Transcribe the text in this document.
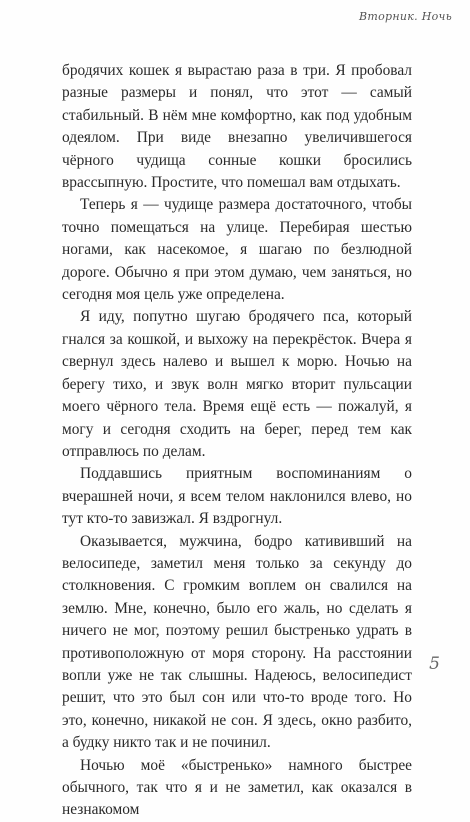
Вторник. Ночь

бродячих кошек я вырастаю раза в три. Я пробовал разные размеры и понял, что этот — самый стабильный. В нём мне комфортно, как под удобным одеялом. При виде внезапно увеличившегося чёрного чудища сонные кошки бросились врассыпную. Простите, что помешал вам отдыхать.

Теперь я — чудище размера достаточного, чтобы точно помещаться на улице. Перебирая шестью ногами, как насекомое, я шагаю по безлюдной дороге. Обычно я при этом думаю, чем заняться, но сегодня моя цель уже определена.

Я иду, попутно шугаю бродячего пса, который гнался за кошкой, и выхожу на перекрёсток. Вчера я свернул здесь налево и вышел к морю. Ночью на берегу тихо, и звук волн мягко вторит пульсации моего чёрного тела. Время ещё есть — пожалуй, я могу и сегодня сходить на берег, перед тем как отправлюсь по делам.

Поддавшись приятным воспоминаниям о вчерашней ночи, я всем телом наклонился влево, но тут кто-то завизжал. Я вздрогнул.

Оказывается, мужчина, бодро катививший на велосипеде, заметил меня только за секунду до столкновения. С громким воплем он свалился на землю. Мне, конечно, было его жаль, но сделать я ничего не мог, поэтому решил быстренько удрать в противоположную от моря сторону. На расстоянии вопли уже не так слышны. Надеюсь, велосипедист решит, что это был сон или что-то вроде того. Но это, конечно, никакой не сон. Я здесь, окно разбито, а будку никто так и не починил.

Ночью моё «быстренько» намного быстрее обычного, так что я и не заметил, как оказался в незнакомом

5
